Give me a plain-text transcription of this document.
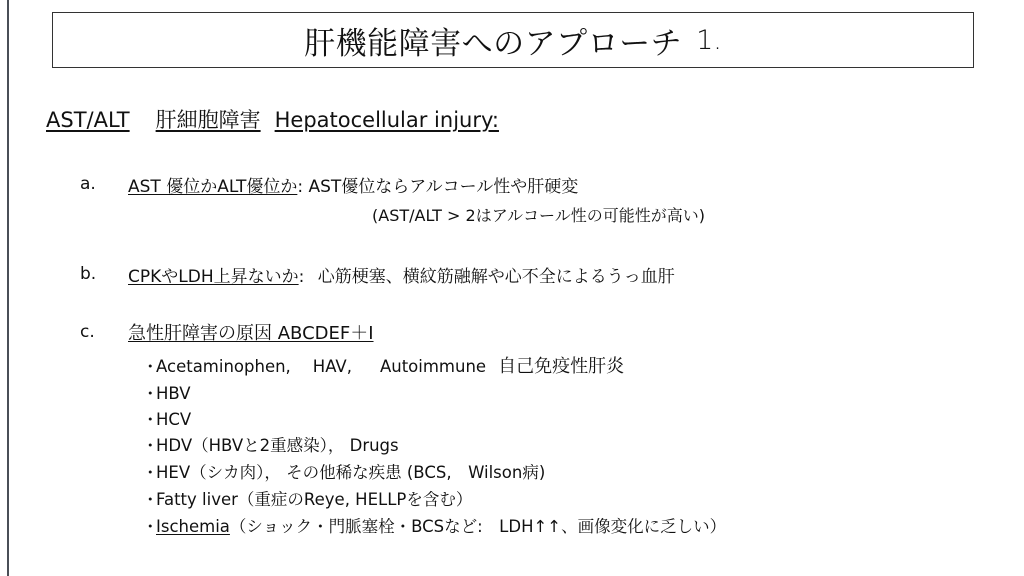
肝機能障害へのアプローチ 1.
AST/ALT 肝細胞障害 Hepatocellular injury:
a. AST 優位かALT優位か: AST優位ならアルコール性や肝硬変
(AST/ALT > 2はアルコール性の可能性が高い)
b. CPKやLDH上昇ないか: 心筋梗塞、横紋筋融解や心不全によるうっ血肝
c. 急性肝障害の原因 ABCDEF＋I
・Acetaminophen, HAV, Autoimmune 自己免疫性肝炎
・HBV
・HCV
・HDV（HBVと2重感染）， Drugs
・HEV（シカ肉）， その他稀な疾患 (BCS,　Wilson病)
・Fatty liver（重症のReye, HELLPを含む）
・Ischemia（ショック・門脈塞栓・BCSなど:　LDH↑↑、画像変化に乏しい）
